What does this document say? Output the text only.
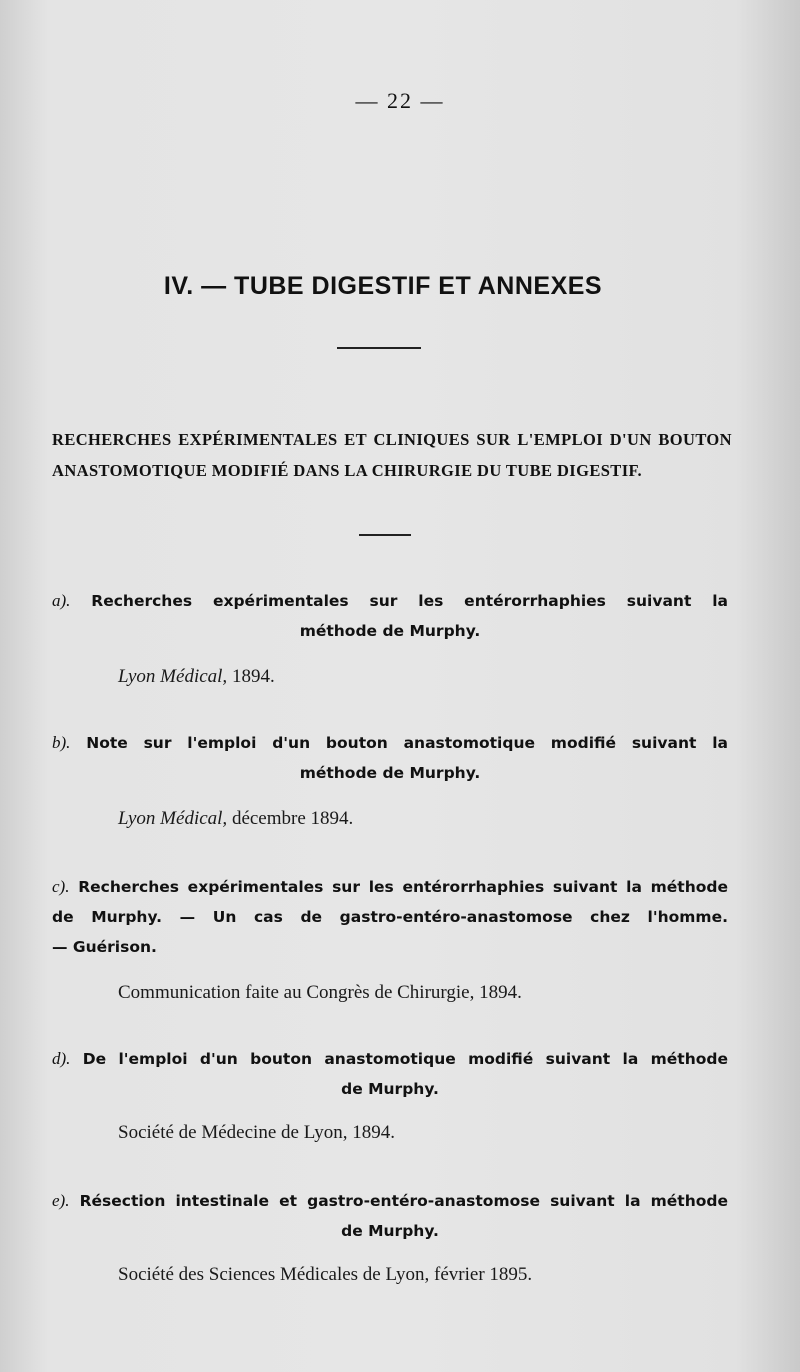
— 22 —
IV. — TUBE DIGESTIF ET ANNEXES
RECHERCHES EXPÉRIMENTALES ET CLINIQUES SUR L'EMPLOI D'UN BOUTON ANASTOMOTIQUE MODIFIÉ DANS LA CHIRURGIE DU TUBE DIGESTIF.
a). Recherches expérimentales sur les entérorrhaphies suivant la
méthode de Murphy.
Lyon Médical, 1894.
b). Note sur l'emploi d'un bouton anastomotique modifié suivant la
méthode de Murphy.
Lyon Médical, décembre 1894.
c). Recherches expérimentales sur les entérorrhaphies suivant la méthode
de Murphy. — Un cas de gastro-entéro-anastomose chez l'homme.
— Guérison.
Communication faite au Congrès de Chirurgie, 1894.
d). De l'emploi d'un bouton anastomotique modifié suivant la méthode
de Murphy.
Société de Médecine de Lyon, 1894.
e). Résection intestinale et gastro-entéro-anastomose suivant la méthode
de Murphy.
Société des Sciences Médicales de Lyon, février 1895.
